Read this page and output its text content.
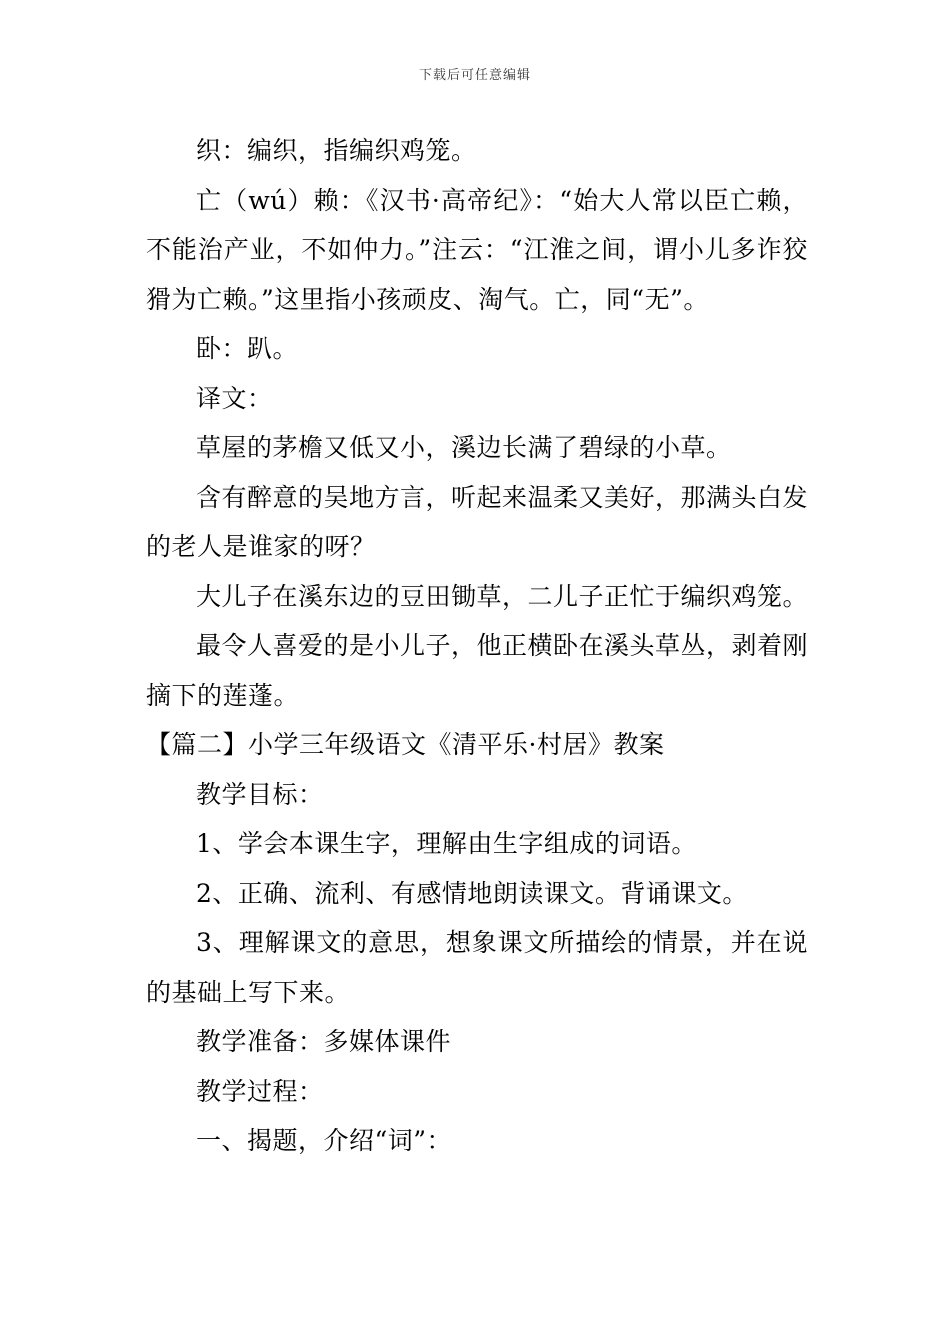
下载后可任意编辑

织：编织，指编织鸡笼。

亡（wú）赖：《汉书·高帝纪》：“始大人常以臣亡赖，不能治产业，不如仲力。”注云：“江淮之间，谓小儿多诈狡猾为亡赖。”这里指小孩顽皮、淘气。亡，同“无”。

卧：趴。

译文：

草屋的茅檐又低又小，溪边长满了碧绿的小草。

含有醉意的吴地方言，听起来温柔又美好，那满头白发的老人是谁家的呀？

大儿子在溪东边的豆田锄草，二儿子正忙于编织鸡笼。

最令人喜爱的是小儿子，他正横卧在溪头草丛，剥着刚摘下的莲蓬。

【篇二】小学三年级语文《清平乐·村居》教案

教学目标：

1、学会本课生字，理解由生字组成的词语。

2、正确、流利、有感情地朗读课文。背诵课文。

3、理解课文的意思，想象课文所描绘的情景，并在说的基础上写下来。

教学准备：多媒体课件

教学过程：

一、揭题，介绍“词”：
